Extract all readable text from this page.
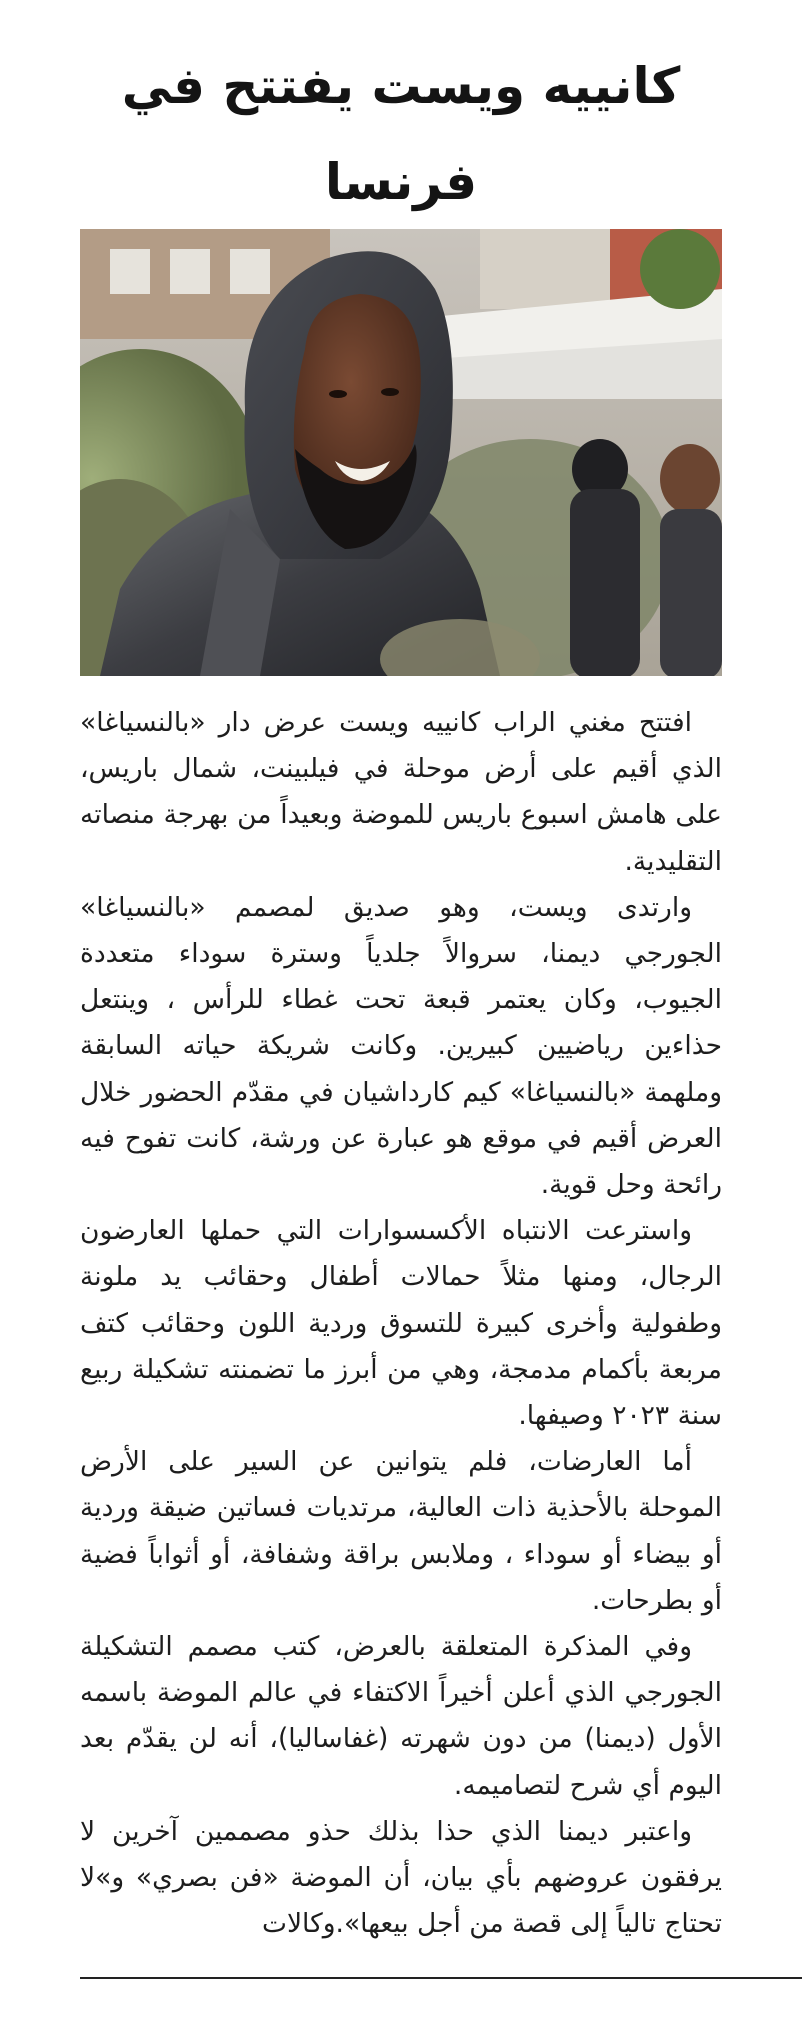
كانييه ويست يفتتح في فرنسا

افتتح مغني الراب كانييه ويست عرض دار «بالنسياغا» الذي أقيم على أرض موحلة في فيلبينت، شمال باريس، على هامش اسبوع باريس للموضة وبعيداً من بهرجة منصاته التقليدية.

وارتدى ويست، وهو صديق لمصمم «بالنسياغا» الجورجي ديمنا، سروالاً جلدياً وسترة سوداء متعددة الجيوب، وكان يعتمر قبعة تحت غطاء للرأس ، وينتعل حذاءين رياضيين كبيرين. وكانت شريكة حياته السابقة وملهمة «بالنسياغا» كيم كارداشيان في مقدّم الحضور خلال العرض أقيم في موقع هو عبارة عن ورشة، كانت تفوح فيه رائحة وحل قوية.

واسترعت الانتباه الأكسسوارات التي حملها العارضون الرجال، ومنها مثلاً حمالات أطفال وحقائب يد ملونة وطفولية وأخرى كبيرة للتسوق وردية اللون وحقائب كتف مربعة بأكمام مدمجة، وهي من أبرز ما تضمنته تشكيلة ربيع سنة ٢٠٢٣ وصيفها.

أما العارضات، فلم يتوانين عن السير على الأرض الموحلة بالأحذية ذات العالية، مرتديات فساتين ضيقة وردية أو بيضاء أو سوداء ، وملابس براقة وشفافة، أو أثواباً فضية أو بطرحات.

وفي المذكرة المتعلقة بالعرض، كتب مصمم التشكيلة الجورجي الذي أعلن أخيراً الاكتفاء في عالم الموضة باسمه الأول (ديمنا) من دون شهرته (غفاساليا)، أنه لن يقدّم بعد اليوم أي شرح لتصاميمه.

واعتبر ديمنا الذي حذا بذلك حذو مصممين آخرين لا يرفقون عروضهم بأي بيان، أن الموضة «فن بصري» و»لا تحتاج تالياً إلى قصة من أجل بيعها».وكالات
